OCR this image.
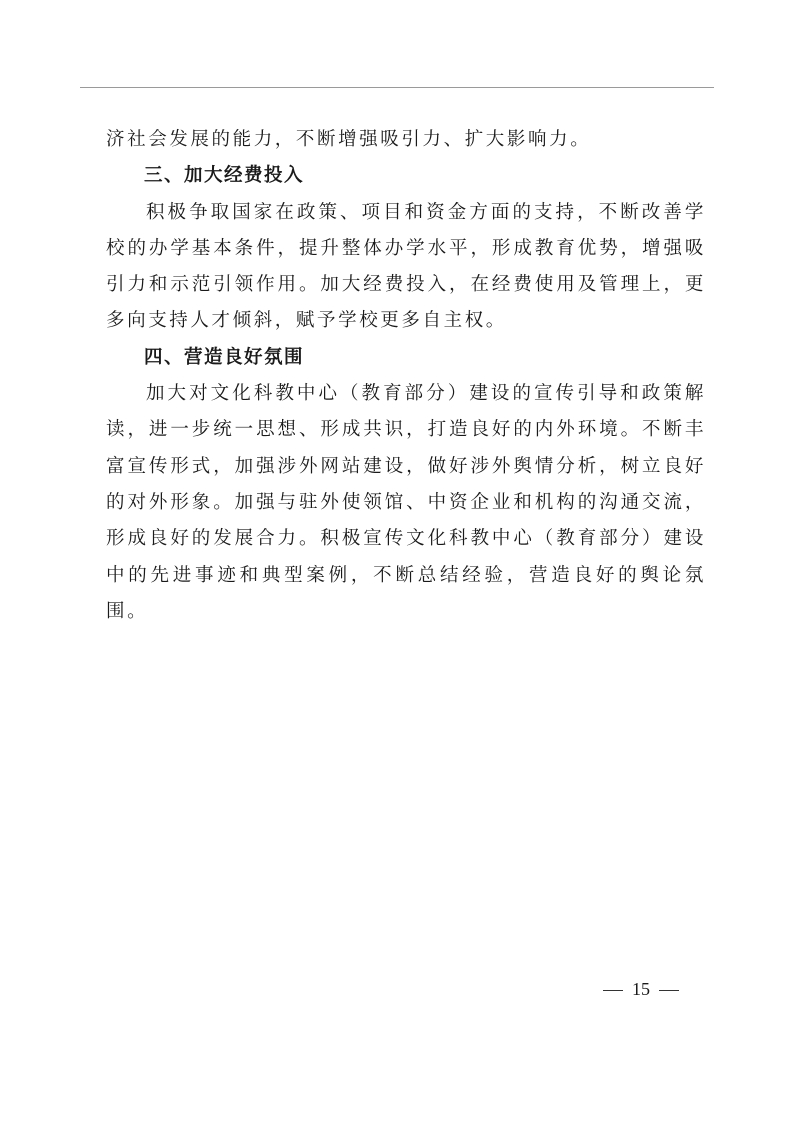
济社会发展的能力，不断增强吸引力、扩大影响力。

三、加大经费投入

积极争取国家在政策、项目和资金方面的支持，不断改善学校的办学基本条件，提升整体办学水平，形成教育优势，增强吸引力和示范引领作用。加大经费投入，在经费使用及管理上，更多向支持人才倾斜，赋予学校更多自主权。

四、营造良好氛围

加大对文化科教中心（教育部分）建设的宣传引导和政策解读，进一步统一思想、形成共识，打造良好的内外环境。不断丰富宣传形式，加强涉外网站建设，做好涉外舆情分析，树立良好的对外形象。加强与驻外使领馆、中资企业和机构的沟通交流，形成良好的发展合力。积极宣传文化科教中心（教育部分）建设中的先进事迹和典型案例，不断总结经验，营造良好的舆论氛围。

15
